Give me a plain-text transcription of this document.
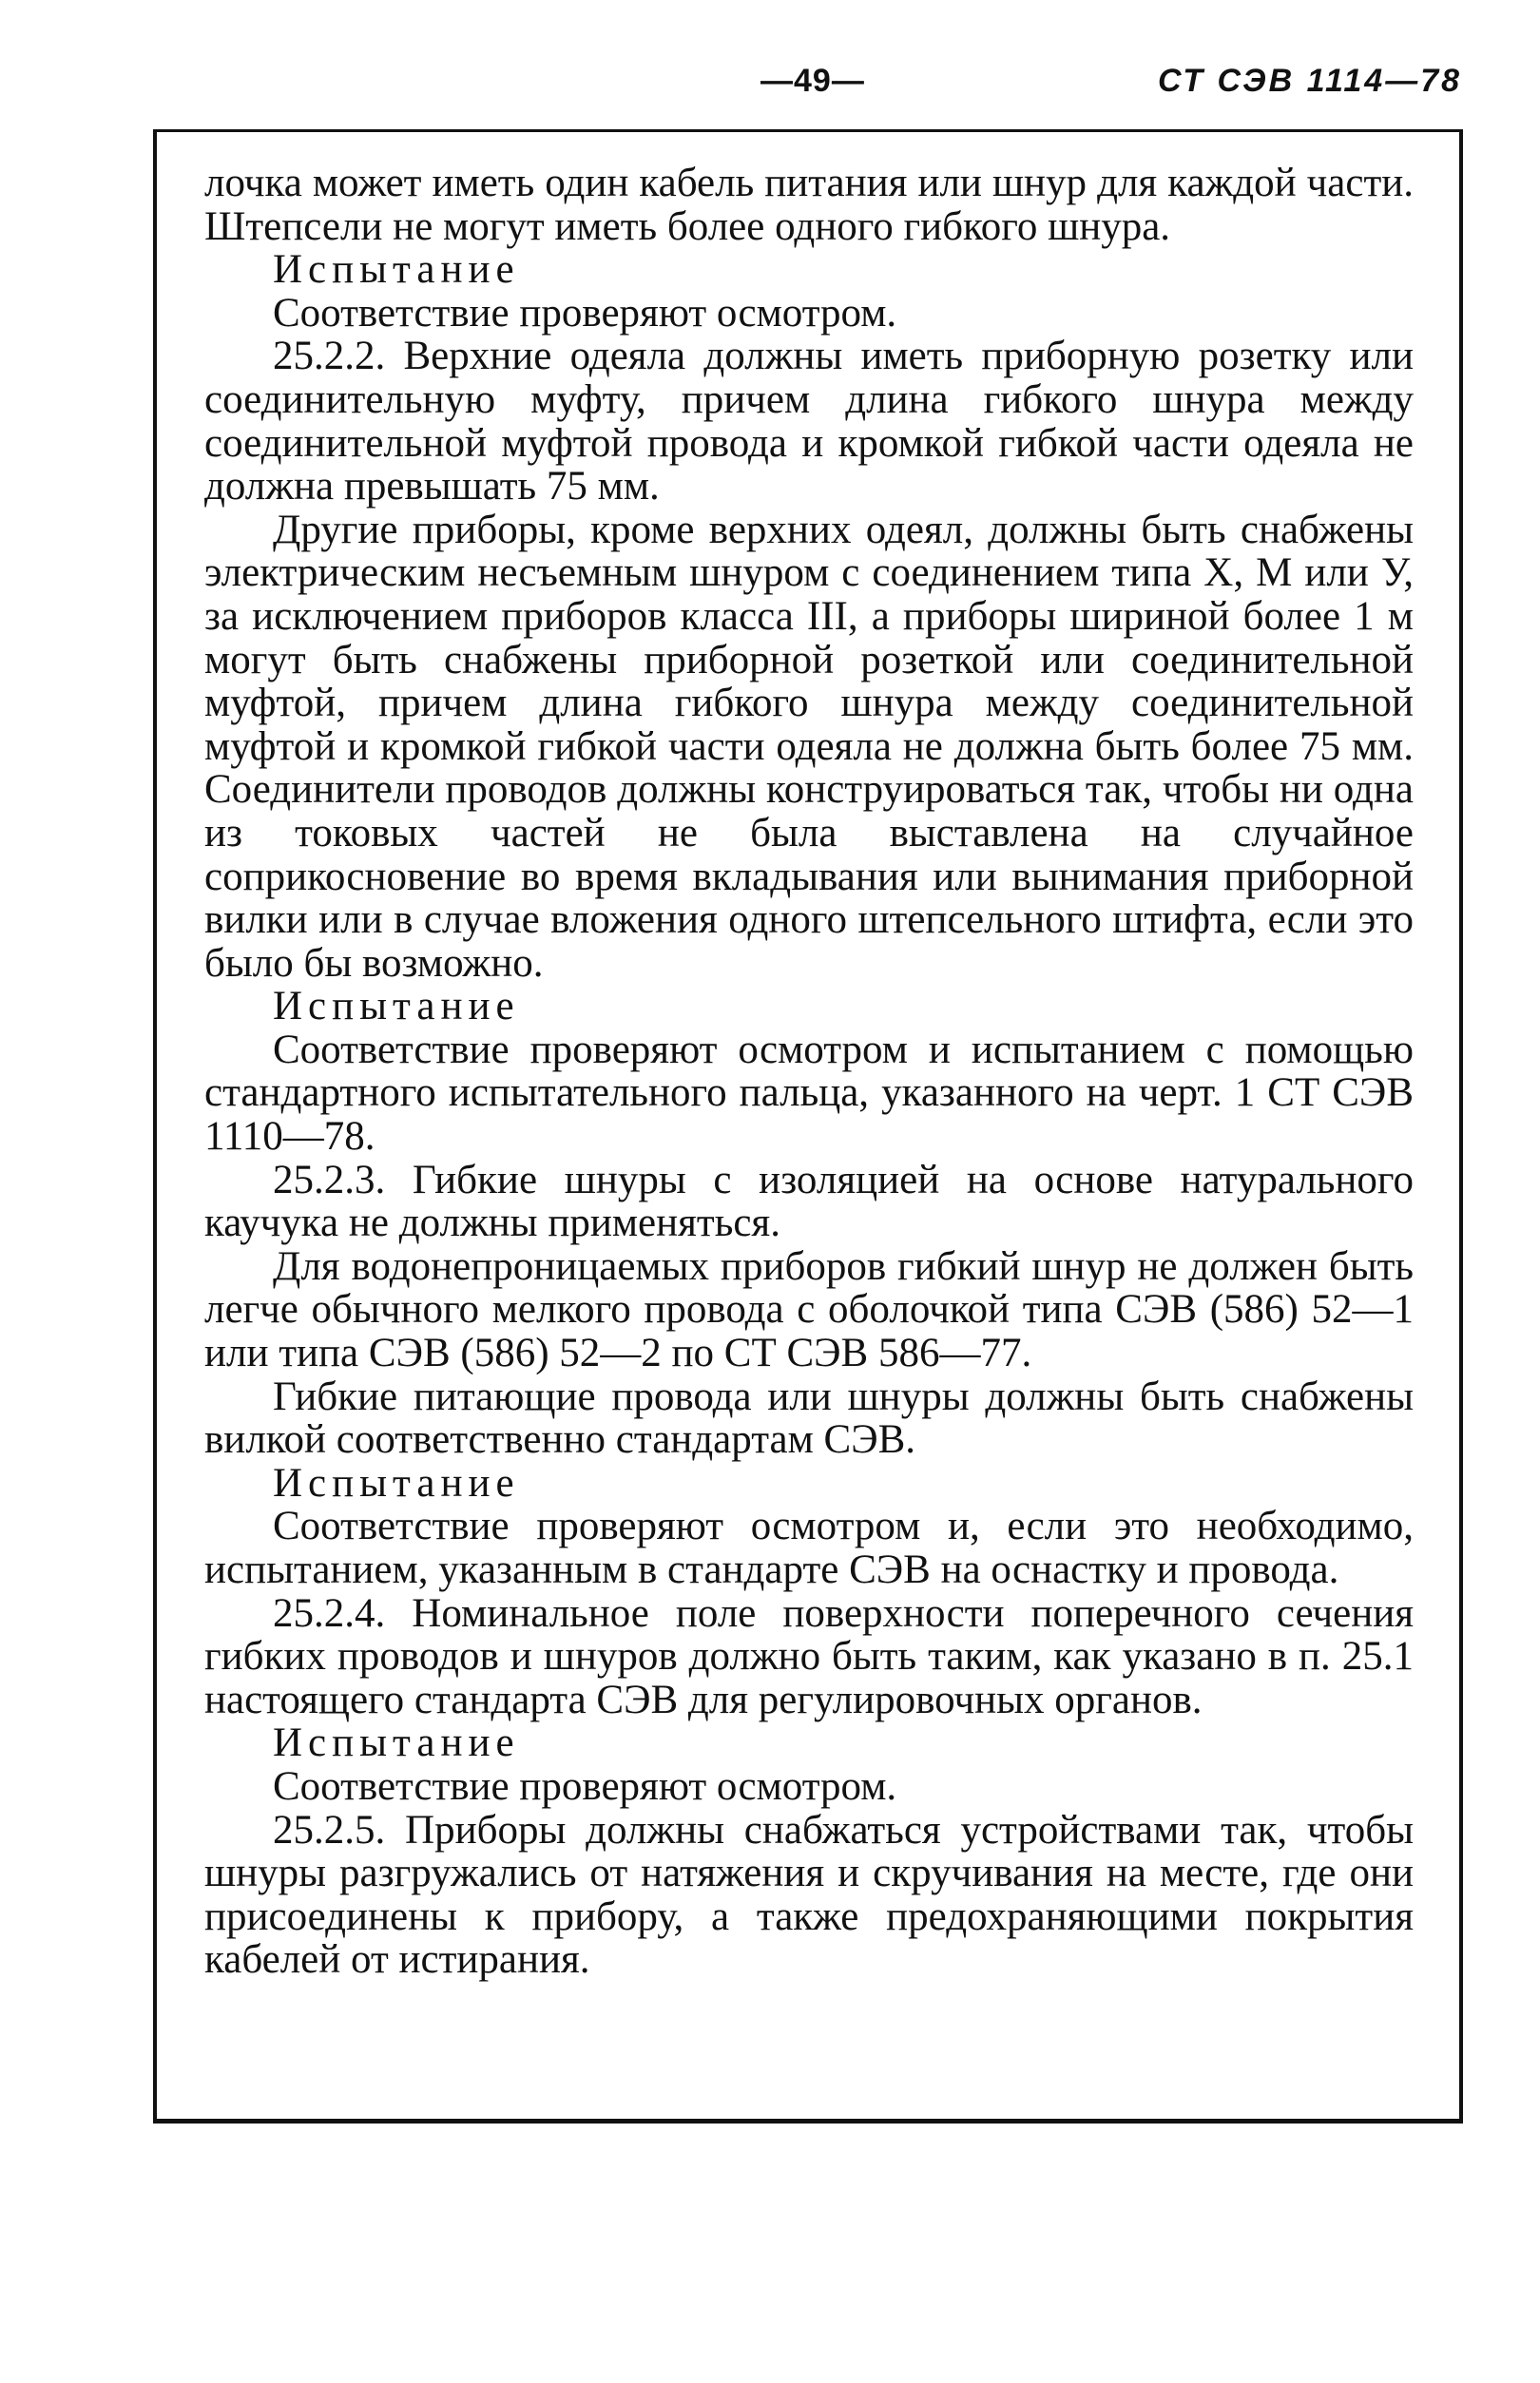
—49—	СТ СЭВ 1114—78

лочка может иметь один кабель питания или шнур для каждой части. Штепсели не могут иметь более одного гибкого шнура.

Испытание

Соответствие проверяют осмотром.

25.2.2. Верхние одеяла должны иметь приборную розетку или соединительную муфту, причем длина гибкого шнура между соединительной муфтой провода и кромкой гибкой части одеяла не должна превышать 75 мм.

Другие приборы, кроме верхних одеял, должны быть снабжены электрическим несъемным шнуром с соединением типа X, M или У, за исключением приборов класса III, а приборы шириной более 1 м могут быть снабжены приборной розеткой или соединительной муфтой, причем длина гибкого шнура между соединительной муфтой и кромкой гибкой части одеяла не должна быть более 75 мм. Соединители проводов должны конструироваться так, чтобы ни одна из токовых частей не была выставлена на случайное соприкосновение во время вкладывания или вынимания приборной вилки или в случае вложения одного штепсельного штифта, если это было бы возможно.

Испытание

Соответствие проверяют осмотром и испытанием с помощью стандартного испытательного пальца, указанного на черт. 1 СТ СЭВ 1110—78.

25.2.3. Гибкие шнуры с изоляцией на основе натурального каучука не должны применяться.

Для водонепроницаемых приборов гибкий шнур не должен быть легче обычного мелкого провода с оболочкой типа СЭВ (586) 52—1 или типа СЭВ (586) 52—2 по СТ СЭВ 586—77.

Гибкие питающие провода или шнуры должны быть снабжены вилкой соответственно стандартам СЭВ.

Испытание

Соответствие проверяют осмотром и, если это необходимо, испытанием, указанным в стандарте СЭВ на оснастку и провода.

25.2.4. Номинальное поле поверхности поперечного сечения гибких проводов и шнуров должно быть таким, как указано в п. 25.1 настоящего стандарта СЭВ для регулировочных органов.

Испытание

Соответствие проверяют осмотром.

25.2.5. Приборы должны снабжаться устройствами так, чтобы шнуры разгружались от натяжения и скручивания на месте, где они присоединены к прибору, а также предохраняющими покрытия кабелей от истирания.
